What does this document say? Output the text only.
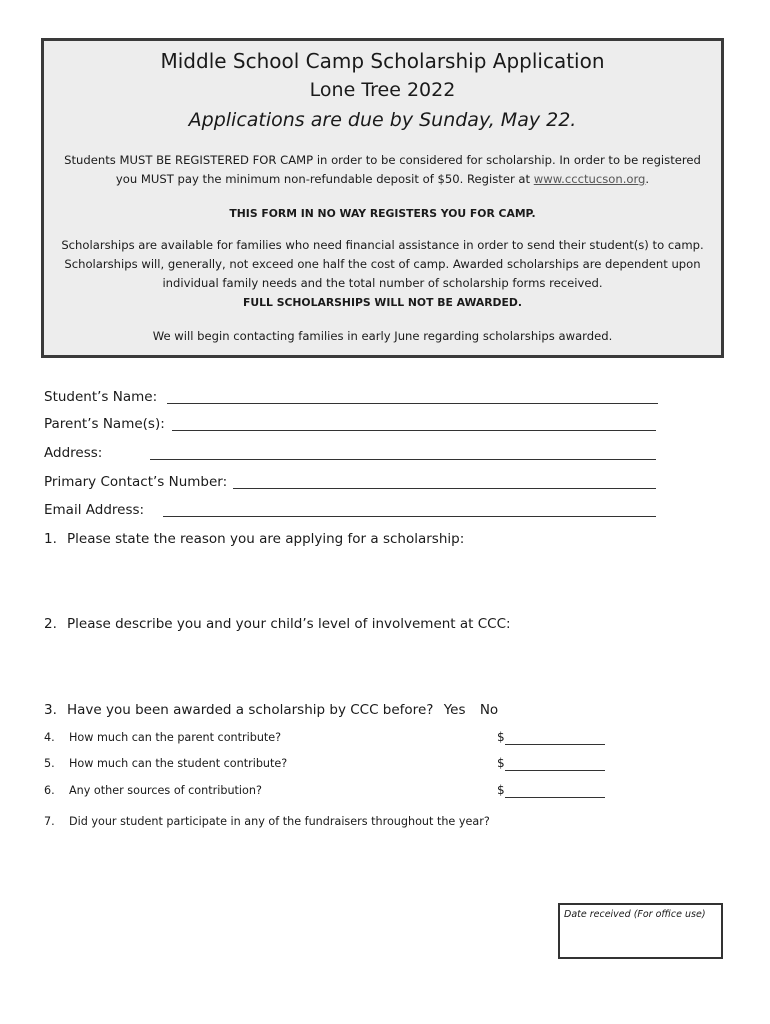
Middle School Camp Scholarship Application
Lone Tree 2022
Applications are due by Sunday, May 22.
Students MUST BE REGISTERED FOR CAMP in order to be considered for scholarship. In order to be registered you MUST pay the minimum non-refundable deposit of $50. Register at www.ccctucson.org.
THIS FORM IN NO WAY REGISTERS YOU FOR CAMP.
Scholarships are available for families who need financial assistance in order to send their student(s) to camp. Scholarships will, generally, not exceed one half the cost of camp. Awarded scholarships are dependent upon individual family needs and the total number of scholarship forms received.
FULL SCHOLARSHIPS WILL NOT BE AWARDED.
We will begin contacting families in early June regarding scholarships awarded.
Student’s Name:
Parent’s Name(s):
Address:
Primary Contact’s Number:
Email Address:
1. Please state the reason you are applying for a scholarship:
2. Please describe you and your child’s level of involvement at CCC:
3. Have you been awarded a scholarship by CCC before? Yes No
4. How much can the parent contribute?	$
5. How much can the student contribute?	$
6. Any other sources of contribution?	$
7. Did your student participate in any of the fundraisers throughout the year?
Date received (For office use)
